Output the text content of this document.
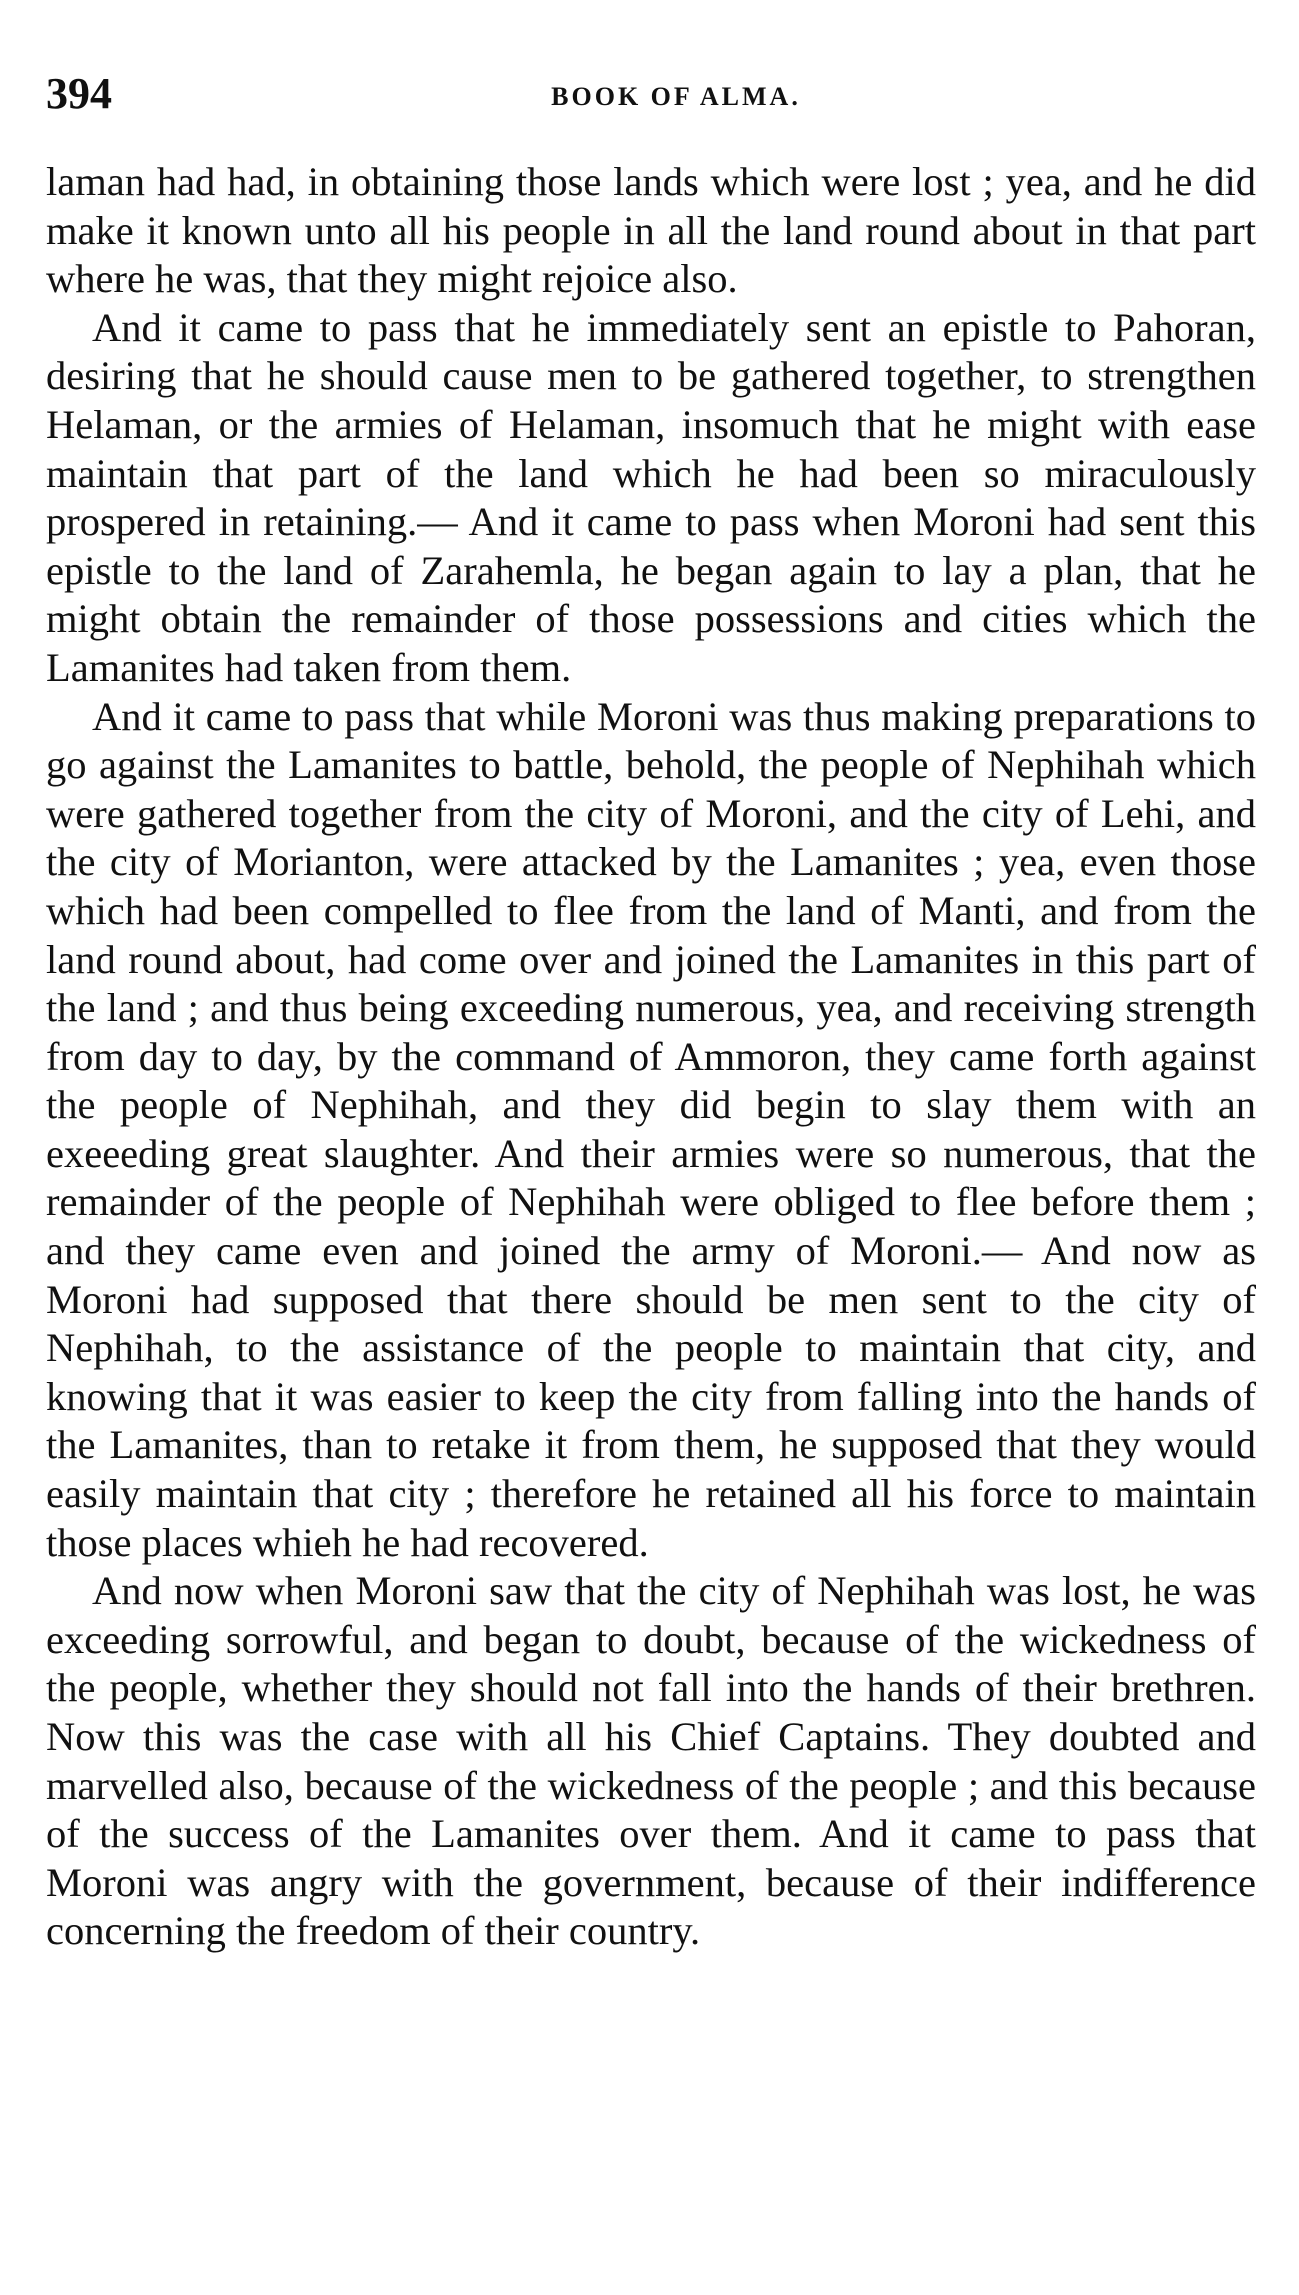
394	BOOK OF ALMA.

laman had had, in obtaining those lands which were lost ; yea, and he did make it known unto all his people in all the land round about in that part where he was, that they might rejoice also.

And it came to pass that he immediately sent an epistle to Pahoran, desiring that he should cause men to be gathered together, to strengthen Helaman, or the armies of Helaman, insomuch that he might with ease maintain that part of the land which he had been so miraculously prospered in retaining.— And it came to pass when Moroni had sent this epistle to the land of Zarahemla, he began again to lay a plan, that he might obtain the remainder of those possessions and cities which the Lamanites had taken from them.

And it came to pass that while Moroni was thus making preparations to go against the Lamanites to battle, behold, the people of Nephihah which were gathered together from the city of Moroni, and the city of Lehi, and the city of Morianton, were attacked by the Lamanites ; yea, even those which had been compelled to flee from the land of Manti, and from the land round about, had come over and joined the Lamanites in this part of the land ; and thus being exceeding numerous, yea, and receiving strength from day to day, by the command of Ammoron, they came forth against the people of Nephihah, and they did begin to slay them with an exeeeding great slaughter. And their armies were so numerous, that the remainder of the people of Nephihah were obliged to flee before them ; and they came even and joined the army of Moroni.— And now as Moroni had supposed that there should be men sent to the city of Nephihah, to the assistance of the people to maintain that city, and knowing that it was easier to keep the city from falling into the hands of the Lamanites, than to retake it from them, he supposed that they would easily maintain that city ; therefore he retained all his force to maintain those places whieh he had recovered.

And now when Moroni saw that the city of Nephihah was lost, he was exceeding sorrowful, and began to doubt, because of the wickedness of the people, whether they should not fall into the hands of their brethren. Now this was the case with all his Chief Captains. They doubted and marvelled also, because of the wickedness of the people ; and this because of the success of the Lamanites over them. And it came to pass that Moroni was angry with the government, because of their indifference concerning the freedom of their country.
